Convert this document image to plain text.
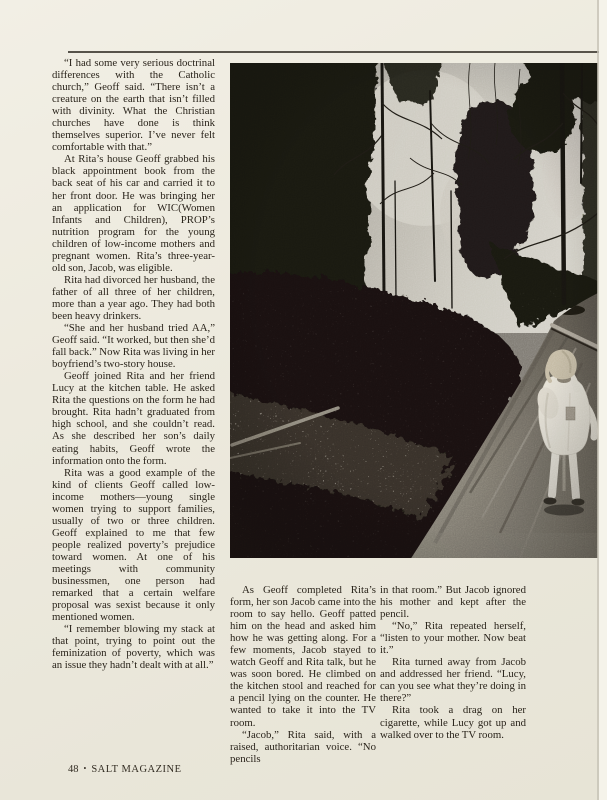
“I had some very serious doctrinal differences with the Catholic church,” Geoff said. “There isn’t a creature on the earth that isn’t filled with divinity. What the Christian churches have done is think themselves superior. I’ve never felt comfortable with that.”

At Rita’s house Geoff grabbed his black appointment book from the back seat of his car and carried it to her front door. He was bringing her an application for WIC(Women Infants and Children), PROP’s nutrition program for the young children of low-income mothers and pregnant women. Rita’s three-year-old son, Jacob, was eligible.

Rita had divorced her husband, the father of all three of her children, more than a year ago. They had both been heavy drinkers.

“She and her husband tried AA,” Geoff said. “It worked, but then she’d fall back.” Now Rita was living in her boyfriend’s two-story house.

Geoff joined Rita and her friend Lucy at the kitchen table. He asked Rita the questions on the form he had brought. Rita hadn’t graduated from high school, and she couldn’t read. As she described her son’s daily eating habits, Geoff wrote the information onto the form.

Rita was a good example of the kind of clients Geoff called low-income mothers—young single women trying to support families, usually of two or three children. Geoff explained to me that few people realized poverty’s prejudice toward women. At one of his meetings with community businessmen, one person had remarked that a certain welfare proposal was sexist because it only mentioned women.

“I remember blowing my stack at that point, trying to point out the feminization of poverty, which was an issue they hadn’t dealt with at all.”

As Geoff completed Rita’s form, her son Jacob came into the room to say hello. Geoff patted him on the head and asked him how he was getting along. For a few moments, Jacob stayed to watch Geoff and Rita talk, but he was soon bored. He climbed on the kitchen stool and reached for a pencil lying on the counter. He wanted to take it into the TV room.

“Jacob,” Rita said, with a raised, authoritarian voice. “No pencils

in that room.” But Jacob ignored his mother and kept after the pencil.

“No,” Rita repeated herself, “listen to your mother. Now beat it.”

Rita turned away from Jacob and addressed her friend. “Lucy, can you see what they’re doing in there?”

Rita took a drag on her cigarette, while Lucy got up and walked over to the TV room.

48 • SALT MAGAZINE
